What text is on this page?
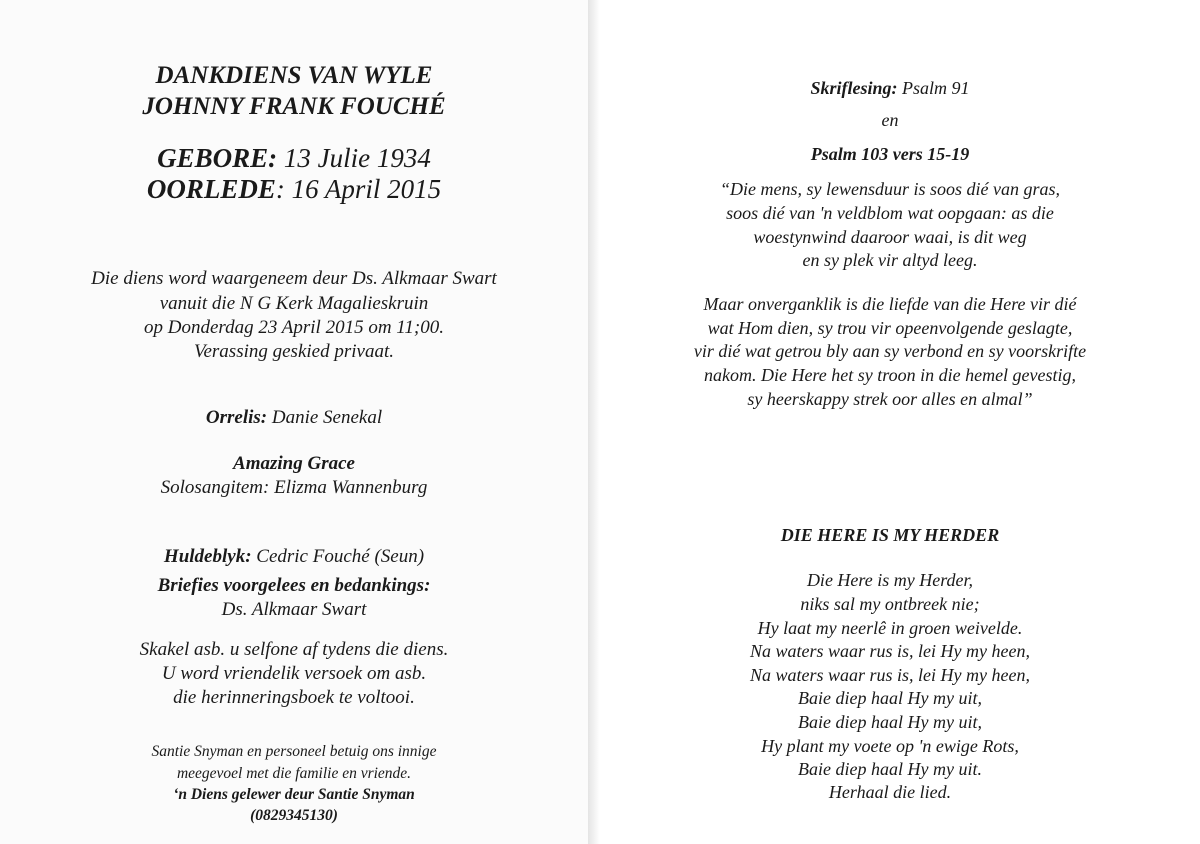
DANKDIENS VAN WYLE

JOHNNY FRANK FOUCHÉ

GEBORE: 13 Julie 1934

OORLEDE: 16 April 2015

Die diens word waargeneem deur Ds. Alkmaar Swart

vanuit die N G Kerk Magalieskruin

op Donderdag 23 April 2015 om 11;00.

Verassing geskied privaat.

Orrelis: Danie Senekal

Amazing Grace

Solosangitem: Elizma Wannenburg

Huldeblyk: Cedric Fouché (Seun)

Briefies voorgelees en bedankings:

Ds. Alkmaar Swart

Skakel asb. u selfone af tydens die diens.

U word vriendelik versoek om asb.

die herinneringsboek te voltooi.

Santie Snyman en personeel betuig ons innige

meegevoel met die familie en vriende.

‘n Diens gelewer deur Santie Snyman

(0829345130)

Skriflesing: Psalm 91

en

Psalm 103 vers 15-19

“Die mens, sy lewensduur is soos dié van gras,

soos dié van 'n veldblom wat oopgaan: as die

woestynwind daaroor waai, is dit weg

en sy plek vir altyd leeg.

Maar onverganklik is die liefde van die Here vir dié

wat Hom dien, sy trou vir opeenvolgende geslagte,

vir dié wat getrou bly aan sy verbond en sy voorskrifte

nakom. Die Here het sy troon in die hemel gevestig,

sy heerskappy strek oor alles en almal”

DIE HERE IS MY HERDER

Die Here is my Herder,

niks sal my ontbreek nie;

Hy laat my neerlê in groen weivelde.

Na waters waar rus is, lei Hy my heen,

Na waters waar rus is, lei Hy my heen,

Baie diep haal Hy my uit,

Baie diep haal Hy my uit,

Hy plant my voete op 'n ewige Rots,

Baie diep haal Hy my uit.

Herhaal die lied.
